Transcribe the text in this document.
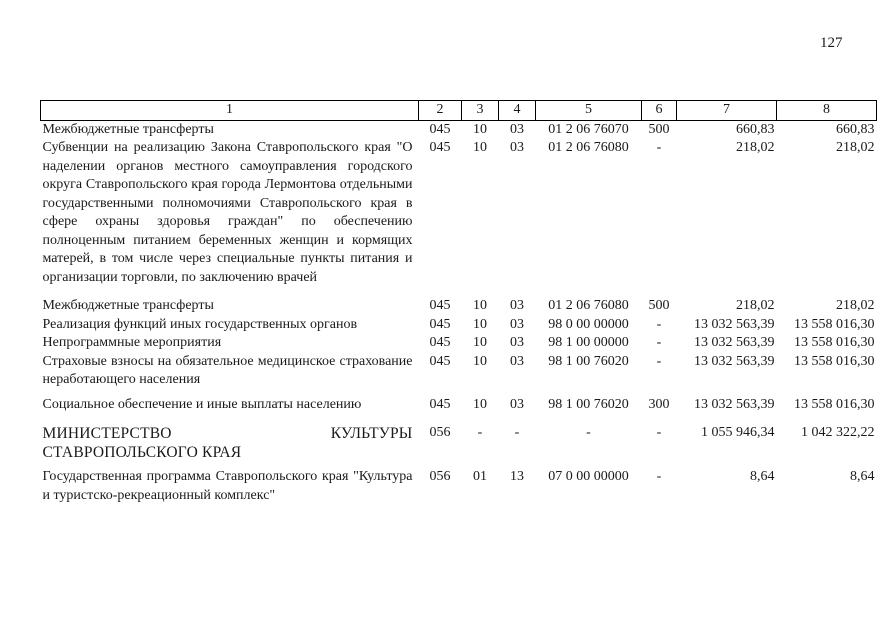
127
1	2	3	4	5	6	7	8
Межбюджетные трансферты	045	10	03	01 2 06 76070	500	660,83	660,83
Субвенции на реализацию Закона Ставропольского края "О наделении органов местного самоуправления городского округа Ставропольского края города Лермонтова отдельными государственными полномочиями Ставропольского края в сфере охраны здоровья граждан" по обеспечению полноценным питанием беременных женщин и кормящих матерей, в том числе через специальные пункты питания и организации торговли, по заключению врачей	045	10	03	01 2 06 76080	-	218,02	218,02
Межбюджетные трансферты	045	10	03	01 2 06 76080	500	218,02	218,02
Реализация функций иных государственных органов	045	10	03	98 0 00 00000	-	13 032 563,39	13 558 016,30
Непрограммные мероприятия	045	10	03	98 1 00 00000	-	13 032 563,39	13 558 016,30
Страховые взносы на обязательное медицинское страхование неработающего населения	045	10	03	98 1 00 76020	-	13 032 563,39	13 558 016,30
Социальное обеспечение и иные выплаты населению	045	10	03	98 1 00 76020	300	13 032 563,39	13 558 016,30
МИНИСТЕРСТВО КУЛЬТУРЫ СТАВРОПОЛЬСКОГО КРАЯ	056	-	-	-	-	1 055 946,34	1 042 322,22
Государственная программа Ставропольского края "Культура и туристско-рекреационный комплекс"	056	01	13	07 0 00 00000	-	8,64	8,64
